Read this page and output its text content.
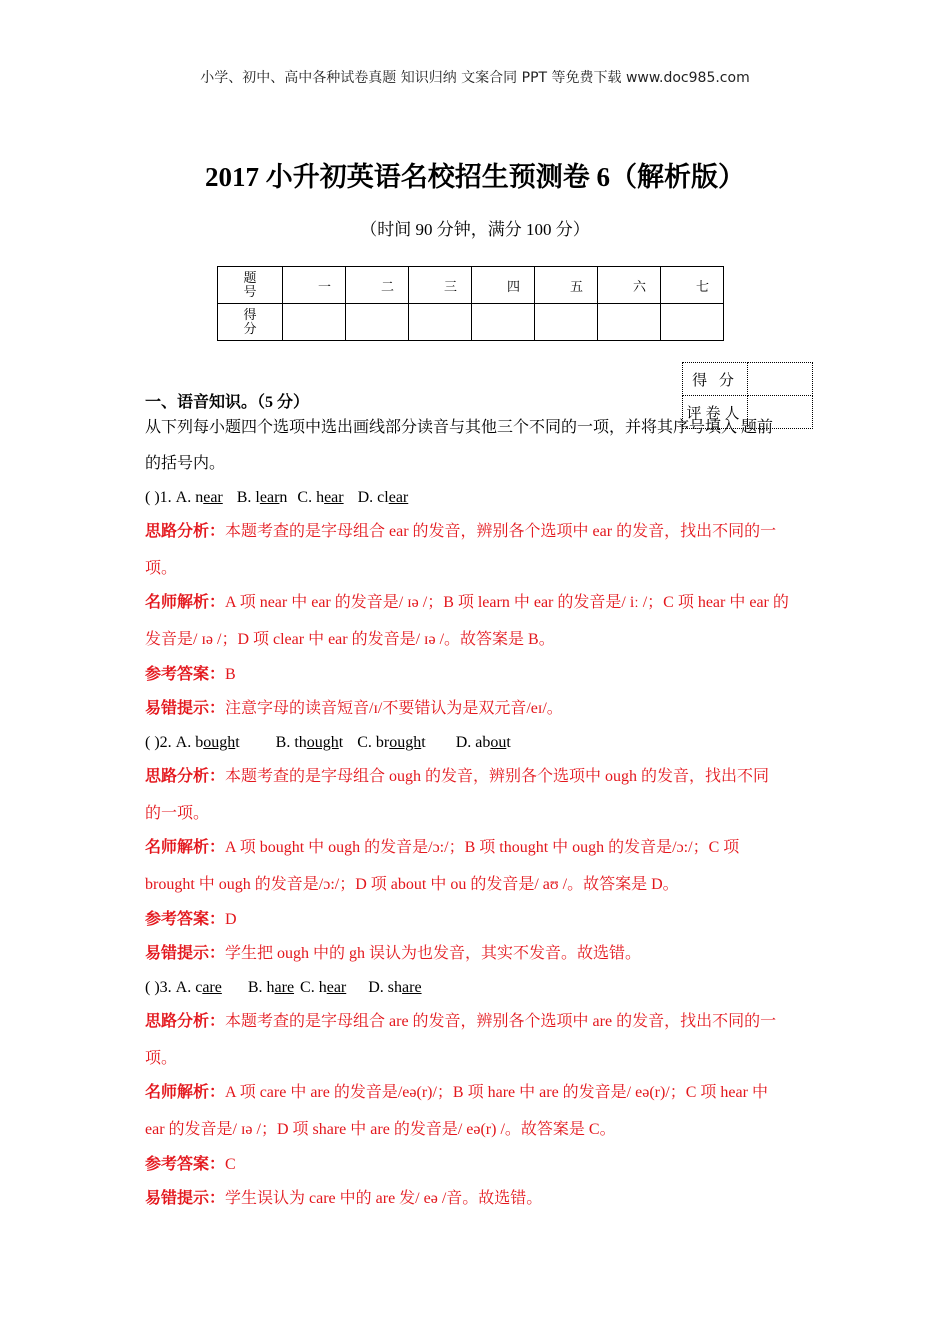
小学、初中、高中各种试卷真题 知识归纳 文案合同 PPT 等免费下载 www.doc985.com
2017 小升初英语名校招生预测卷 6（解析版）
（时间 90 分钟，满分 100 分）
题号	一	二	三	四	五	六	七
得分							
得 分	
评卷人	
一、语音知识。（5 分）
从下列每小题四个选项中选出画线部分读音与其他三个不同的一项，并将其序号填入 题前
的括号内。
( )1. A. near B. learn C. hear D. clear
思路分析：本题考查的是字母组合 ear 的发音，辨别各个选项中 ear 的发音，找出不同的一
项。
名师解析：A 项 near 中 ear 的发音是/ ɪə /；B 项 learn 中 ear 的发音是/ iː /；C 项 hear 中 ear 的
发音是/ ɪə /；D 项 clear 中 ear 的发音是/ ɪə /。故答案是 B。
参考答案：B
易错提示：注意字母的读音短音/ɪ/不要错认为是双元音/eɪ/。
( )2. A. bought B. thought C. brought D. about
思路分析：本题考查的是字母组合 ough 的发音，辨别各个选项中 ough 的发音，找出不同
的一项。
名师解析：A 项 bought 中 ough 的发音是/ɔ:/；B 项 thought 中 ough 的发音是/ɔ:/；C 项
brought 中 ough 的发音是/ɔ:/；D 项 about 中 ou 的发音是/ aʊ /。故答案是 D。
参考答案：D
易错提示：学生把 ough 中的 gh 误认为也发音，其实不发音。故选错。
( )3. A. care B. hare C. hear D. share
思路分析：本题考查的是字母组合 are 的发音，辨别各个选项中 are 的发音，找出不同的一
项。
名师解析：A 项 care 中 are 的发音是/eə(r)/；B 项 hare 中 are 的发音是/ eə(r)/；C 项 hear 中
ear 的发音是/ ɪə /；D 项 share 中 are 的发音是/ eə(r) /。故答案是 C。
参考答案：C
易错提示：学生误认为 care 中的 are 发/ eə /音。故选错。
